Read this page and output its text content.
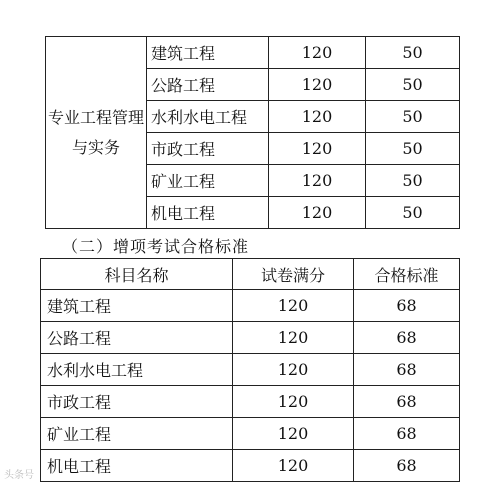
专业工程管理与实务	建筑工程	120	50
	公路工程	120	50
	水利水电工程	120	50
	市政工程	120	50
	矿业工程	120	50
	机电工程	120	50
（二）增项考试合格标准
科目名称	试卷满分	合格标准
建筑工程	120	68
公路工程	120	68
水利水电工程	120	68
市政工程	120	68
矿业工程	120	68
机电工程	120	68
头条号
